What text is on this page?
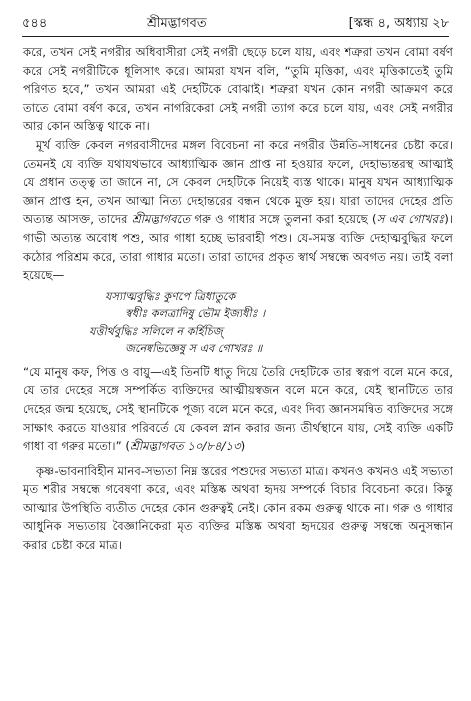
৫৪৪	শ্রীমদ্ভাগবত	[স্কন্ধ ৪, অধ্যায় ২৮

করে, তখন সেই নগরীর অধিবাসীরা সেই নগরী ছেড়ে চলে যায়, এবং শত্রুরা তখন বোমা বর্ষণ করে সেই নগরীটিকে ধূলিসাৎ করে। আমরা যখন বলি, “তুমি মৃত্তিকা, এবং মৃত্তিকাতেই তুমি পরিণত হবে,” তখন আমরা এই দেহটিকে বোঝাই। শত্রুরা যখন কোন নগরী আক্রমণ করে তাতে বোমা বর্ষণ করে, তখন নাগরিকেরা সেই নগরী ত্যাগ করে চলে যায়, এবং সেই নগরীর আর কোন অস্তিত্ব থাকে না।

মূর্খ ব্যক্তি কেবল নগরবাসীদের মঙ্গল বিবেচনা না করে নগরীর উন্নতি-সাধনের চেষ্টা করে। তেমনই যে ব্যক্তি যথাযথভাবে আধ্যাত্মিক জ্ঞান প্রাপ্ত না হওয়ার ফলে, দেহাভ্যন্তরস্থ আত্মাই যে প্রধান তত্ত্ব তা জানে না, সে কেবল দেহটিকে নিয়েই ব্যস্ত থাকে। মানুষ যখন আধ্যাত্মিক জ্ঞান প্রাপ্ত হন, তখন আত্মা নিত্য দেহান্তরের বন্ধন থেকে মুক্ত হয়। যারা তাদের দেহের প্রতি অত্যন্ত আসক্ত, তাদের শ্রীমদ্ভাগবতে গরু ও গাধার সঙ্গে তুলনা করা হয়েছে (স এব গোখরঃ)। গাভী অত্যন্ত অবোধ পশু, আর গাধা হচ্ছে ভারবাহী পশু। যে-সমস্ত ব্যক্তি দেহাত্মবুদ্ধির ফলে কঠোর পরিশ্রম করে, তারা গাধার মতো। তারা তাদের প্রকৃত স্বার্থ সম্বন্ধে অবগত নয়। তাই বলা হয়েছে—

যস্যাত্মবুদ্ধিঃ কুণপে ত্রিধাতুকে
স্বধীঃ কলত্রাদিষু ভৌম ইজ্যধীঃ ।
যত্তীর্থবুদ্ধিঃ সলিলে ন কর্হিচিজ্
জনেষ্বভিজ্ঞেষু স এব গোখরঃ ॥

“যে মানুষ কফ, পিত্ত ও বায়ু—এই তিনটি ধাতু দিয়ে তৈরি দেহটিকে তার স্বরূপ বলে মনে করে, যে তার দেহের সঙ্গে সম্পর্কিত ব্যক্তিদের আত্মীয়স্বজন বলে মনে করে, যেই স্থানটিতে তার দেহের জন্ম হয়েছে, সেই স্থানটিকে পূজ্য বলে মনে করে, এবং দিব্য জ্ঞানসমন্বিত ব্যক্তিদের সঙ্গে সাক্ষাৎ করতে যাওয়ার পরিবর্তে যে কেবল স্নান করার জন্য তীর্থস্থানে যায়, সেই ব্যক্তি একটি গাধা বা গরুর মতো।” (শ্রীমদ্ভাগবত ১০/৮৪/১৩)

কৃষ্ণ-ভাবনাবিহীন মানব-সভ্যতা নিম্ন স্তরের পশুদের সভ্যতা মাত্র। কখনও কখনও এই সভ্যতা মৃত শরীর সম্বন্ধে গবেষণা করে, এবং মস্তিষ্ক অথবা হৃদয় সম্পর্কে বিচার বিবেচনা করে। কিন্তু আত্মার উপস্থিতি ব্যতীত দেহের কোন গুরুত্বই নেই। কোন রকম গুরুত্ব থাকে না। গরু ও গাধার আধুনিক সভ্যতায় বৈজ্ঞানিকেরা মৃত ব্যক্তির মস্তিষ্ক অথবা হৃদয়ের গুরুত্ব সম্বন্ধে অনুসন্ধান করার চেষ্টা করে মাত্র।
